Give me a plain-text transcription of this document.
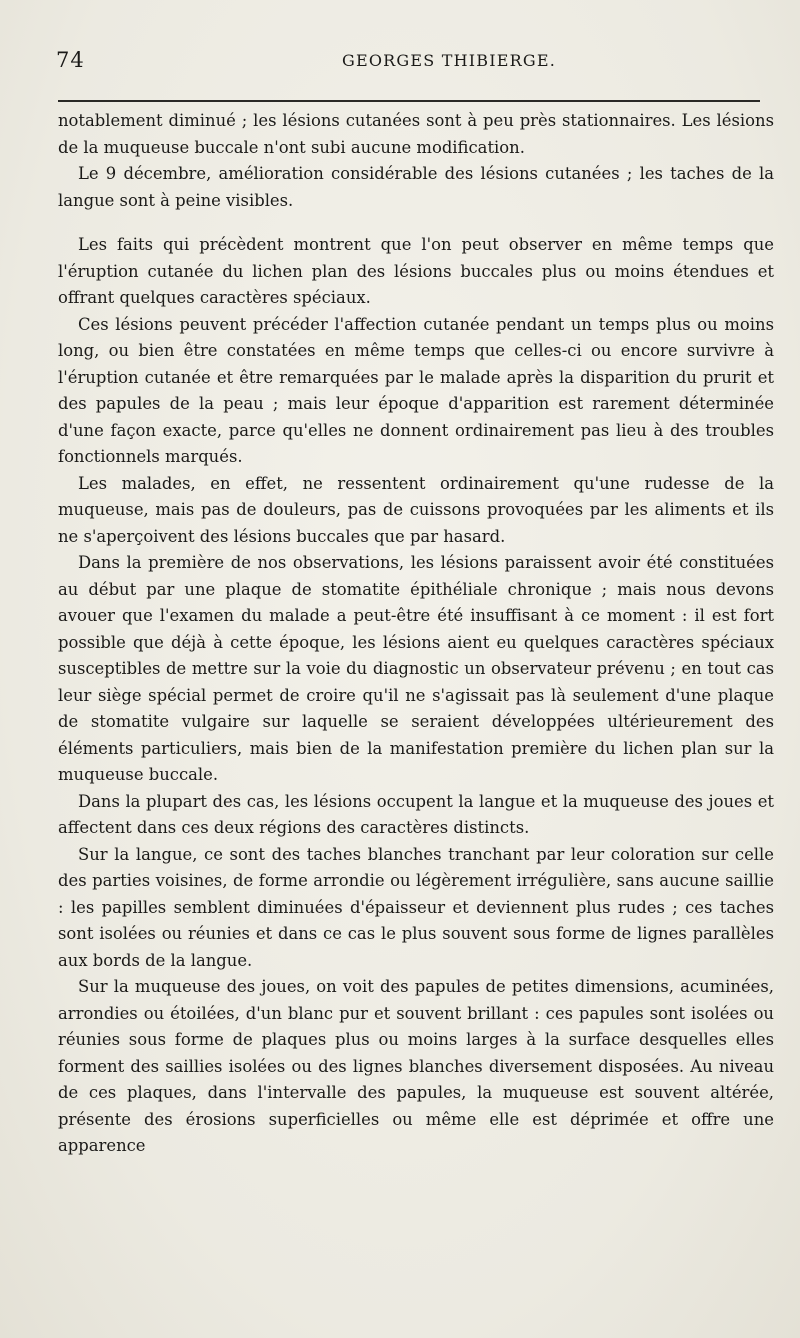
74	GEORGES THIBIERGE.

notablement diminué ; les lésions cutanées sont à peu près stationnaires. Les lésions de la muqueuse buccale n'ont subi aucune modification.

Le 9 décembre, amélioration considérable des lésions cutanées ; les taches de la langue sont à peine visibles.

Les faits qui précèdent montrent que l'on peut observer en même temps que l'éruption cutanée du lichen plan des lésions buccales plus ou moins étendues et offrant quelques caractères spéciaux.

Ces lésions peuvent précéder l'affection cutanée pendant un temps plus ou moins long, ou bien être constatées en même temps que celles-ci ou encore survivre à l'éruption cutanée et être remarquées par le malade après la disparition du prurit et des papules de la peau ; mais leur époque d'apparition est rarement déterminée d'une façon exacte, parce qu'elles ne donnent ordinairement pas lieu à des troubles fonctionnels marqués.

Les malades, en effet, ne ressentent ordinairement qu'une rudesse de la muqueuse, mais pas de douleurs, pas de cuissons provoquées par les aliments et ils ne s'aperçoivent des lésions buccales que par hasard.

Dans la première de nos observations, les lésions paraissent avoir été constituées au début par une plaque de stomatite épithéliale chronique ; mais nous devons avouer que l'examen du malade a peut-être été insuffisant à ce moment : il est fort possible que déjà à cette époque, les lésions aient eu quelques caractères spéciaux susceptibles de mettre sur la voie du diagnostic un observateur prévenu ; en tout cas leur siège spécial permet de croire qu'il ne s'agissait pas là seulement d'une plaque de stomatite vulgaire sur laquelle se seraient développées ultérieurement des éléments particuliers, mais bien de la manifestation première du lichen plan sur la muqueuse buccale.

Dans la plupart des cas, les lésions occupent la langue et la muqueuse des joues et affectent dans ces deux régions des caractères distincts.

Sur la langue, ce sont des taches blanches tranchant par leur coloration sur celle des parties voisines, de forme arrondie ou légèrement irrégulière, sans aucune saillie : les papilles semblent diminuées d'épaisseur et deviennent plus rudes ; ces taches sont isolées ou réunies et dans ce cas le plus souvent sous forme de lignes parallèles aux bords de la langue.

Sur la muqueuse des joues, on voit des papules de petites dimensions, acuminées, arrondies ou étoilées, d'un blanc pur et souvent brillant : ces papules sont isolées ou réunies sous forme de plaques plus ou moins larges à la surface desquelles elles forment des saillies isolées ou des lignes blanches diversement disposées. Au niveau de ces plaques, dans l'intervalle des papules, la muqueuse est souvent altérée, présente des érosions superficielles ou même elle est déprimée et offre une apparence
